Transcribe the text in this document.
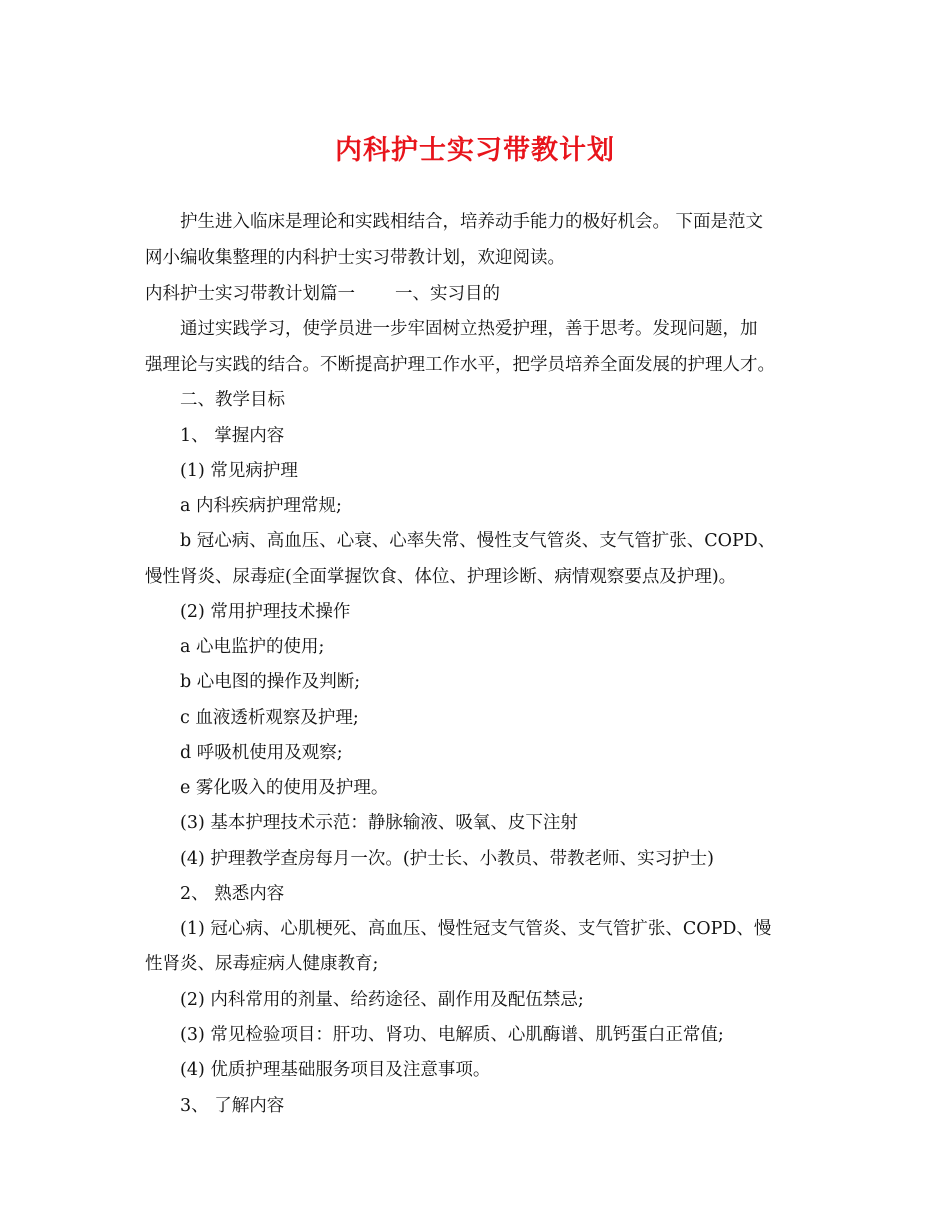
内科护士实习带教计划
护生进入临床是理论和实践相结合，培养动手能力的极好机会。 下面是范文
网小编收集整理的内科护士实习带教计划，欢迎阅读。
内科护士实习带教计划篇一 一、实习目的
通过实践学习，使学员进一步牢固树立热爱护理，善于思考。发现问题，加
强理论与实践的结合。不断提高护理工作水平，把学员培养全面发展的护理人才。
二、教学目标
1、 掌握内容
(1) 常见病护理
a 内科疾病护理常规;
b 冠心病、高血压、心衰、心率失常、慢性支气管炎、支气管扩张、COPD、
慢性肾炎、尿毒症(全面掌握饮食、体位、护理诊断、病情观察要点及护理)。
(2) 常用护理技术操作
a 心电监护的使用;
b 心电图的操作及判断;
c 血液透析观察及护理;
d 呼吸机使用及观察;
e 雾化吸入的使用及护理。
(3) 基本护理技术示范：静脉输液、吸氧、皮下注射
(4) 护理教学查房每月一次。(护士长、小教员、带教老师、实习护士)
2、 熟悉内容
(1) 冠心病、心肌梗死、高血压、慢性冠支气管炎、支气管扩张、COPD、慢
性肾炎、尿毒症病人健康教育;
(2) 内科常用的剂量、给药途径、副作用及配伍禁忌;
(3) 常见检验项目：肝功、肾功、电解质、心肌酶谱、肌钙蛋白正常值;
(4) 优质护理基础服务项目及注意事项。
3、 了解内容
